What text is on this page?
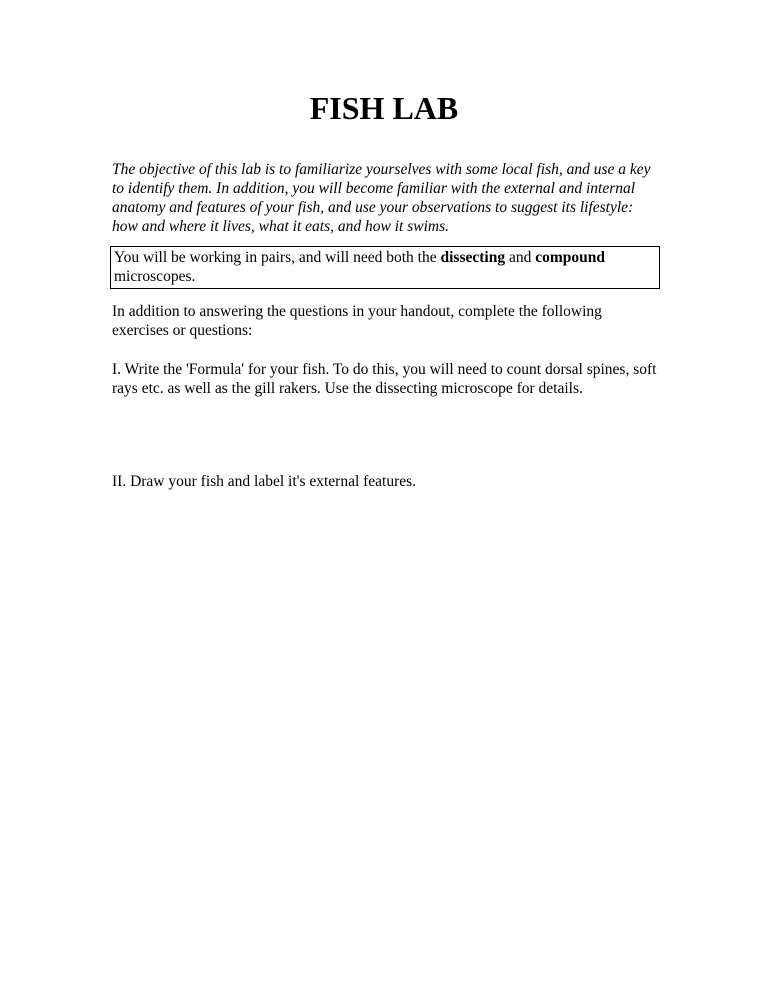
FISH LAB

The objective of this lab is to familiarize yourselves with some local fish, and use a key to identify them. In addition, you will become familiar with the external and internal anatomy and features of your fish, and use your observations to suggest its lifestyle: how and where it lives, what it eats, and how it swims.

You will be working in pairs, and will need both the dissecting and compound microscopes.

In addition to answering the questions in your handout, complete the following exercises or questions:

I. Write the 'Formula' for your fish. To do this, you will need to count dorsal spines, soft rays etc. as well as the gill rakers. Use the dissecting microscope for details.

II. Draw your fish and label it's external features.
